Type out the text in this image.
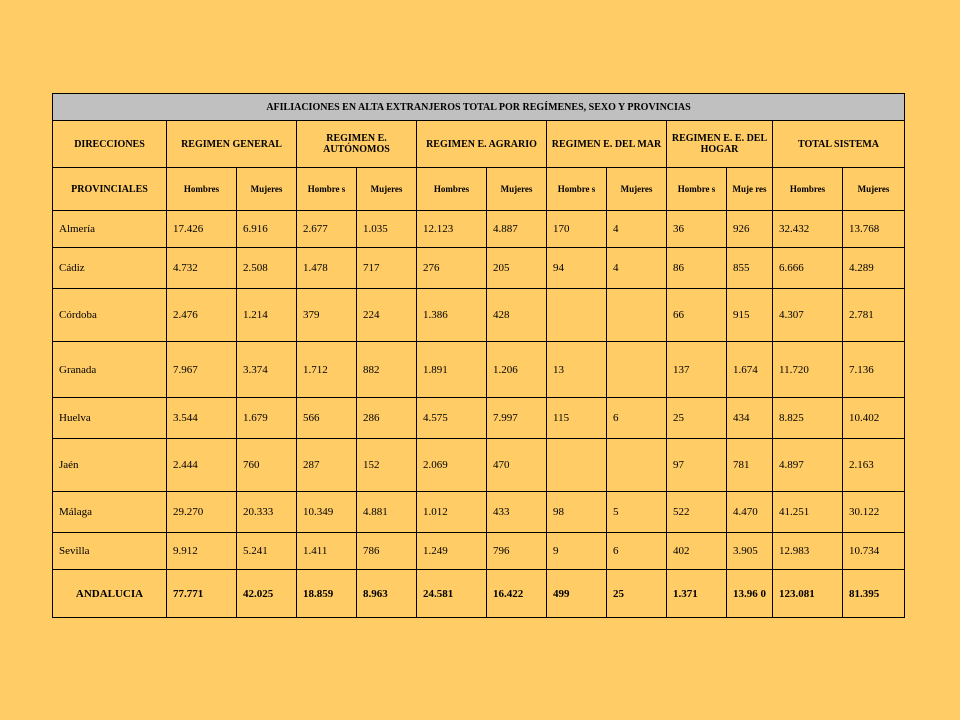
AFILIACIONES EN ALTA EXTRANJEROS TOTAL POR REGÍMENES, SEXO Y PROVINCIAS												
DIRECCIONES	REGIMEN GENERAL		REGIMEN E. AUTÓNOMOS		REGIMEN E. AGRARIO		REGIMEN E. DEL MAR		REGIMEN E. E. DEL HOGAR		TOTAL SISTEMA	
PROVINCIALES	Hombres	Mujeres	Hombre s	Mujeres	Hombres	Mujeres	Hombre s	Mujeres	Hombre s	Muje res	Hombres	Mujeres
Almería	17.426	6.916	2.677	1.035	12.123	4.887	170	4	36	926	32.432	13.768
Cádiz	4.732	2.508	1.478	717	276	205	94	4	86	855	6.666	4.289
Córdoba	2.476	1.214	379	224	1.386	428			66	915	4.307	2.781
Granada	7.967	3.374	1.712	882	1.891	1.206	13		137	1.674	11.720	7.136
Huelva	3.544	1.679	566	286	4.575	7.997	115	6	25	434	8.825	10.402
Jaén	2.444	760	287	152	2.069	470			97	781	4.897	2.163
Málaga	29.270	20.333	10.349	4.881	1.012	433	98	5	522	4.470	41.251	30.122
Sevilla	9.912	5.241	1.411	786	1.249	796	9	6	402	3.905	12.983	10.734
ANDALUCIA	77.771	42.025	18.859	8.963	24.581	16.422	499	25	1.371	13.96 0	123.081	81.395
